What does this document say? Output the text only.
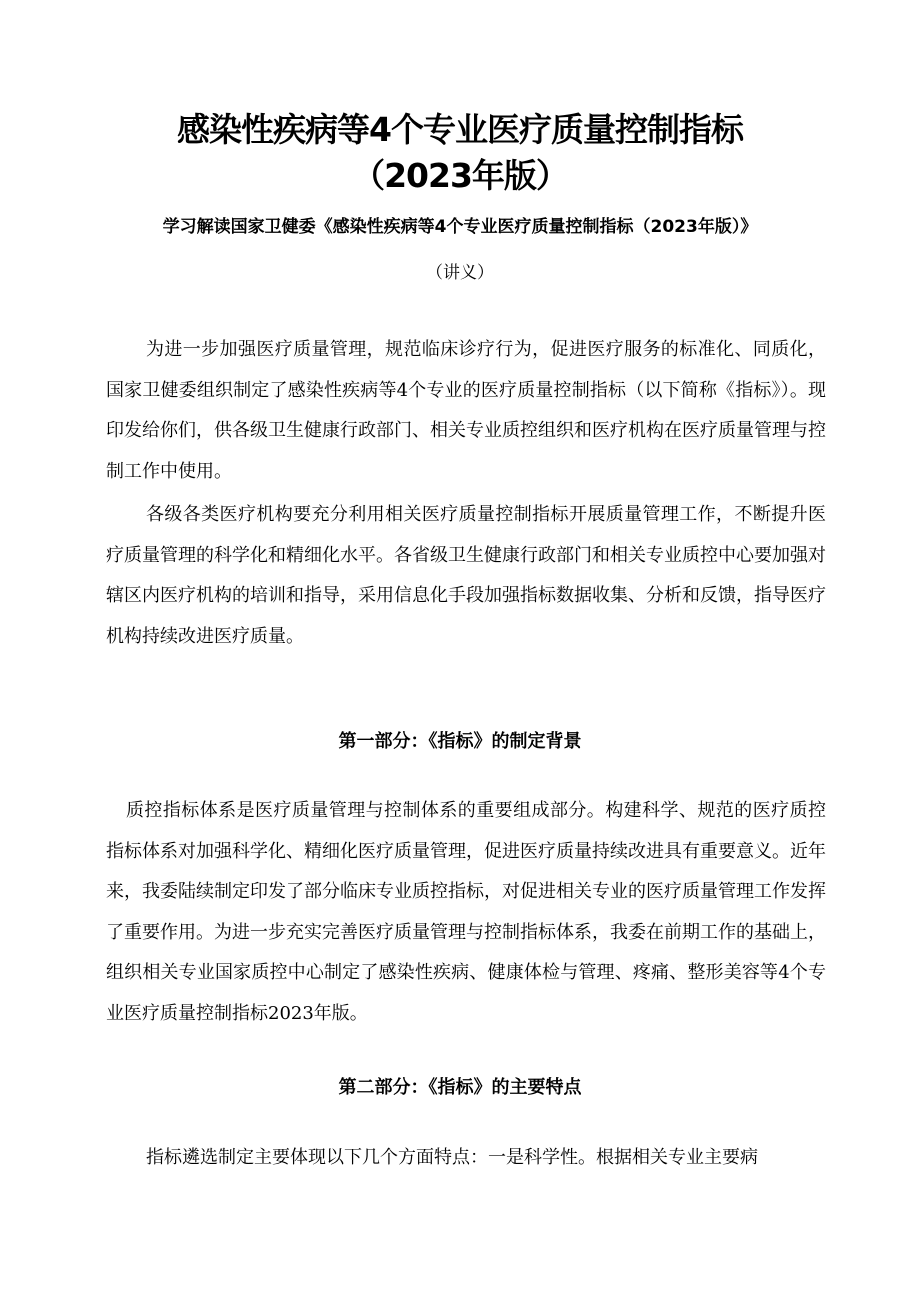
感染性疾病等4个专业医疗质量控制指标
（2023年版）

学习解读国家卫健委《感染性疾病等4个专业医疗质量控制指标（2023年版）》

（讲义）

为进一步加强医疗质量管理，规范临床诊疗行为，促进医疗服务的标准化、同质化，国家卫健委组织制定了感染性疾病等4个专业的医疗质量控制指标（以下简称《指标》）。现印发给你们，供各级卫生健康行政部门、相关专业质控组织和医疗机构在医疗质量管理与控制工作中使用。

各级各类医疗机构要充分利用相关医疗质量控制指标开展质量管理工作，不断提升医疗质量管理的科学化和精细化水平。各省级卫生健康行政部门和相关专业质控中心要加强对辖区内医疗机构的培训和指导，采用信息化手段加强指标数据收集、分析和反馈，指导医疗机构持续改进医疗质量。

第一部分：《指标》的制定背景

质控指标体系是医疗质量管理与控制体系的重要组成部分。构建科学、规范的医疗质控指标体系对加强科学化、精细化医疗质量管理，促进医疗质量持续改进具有重要意义。近年来，我委陆续制定印发了部分临床专业质控指标，对促进相关专业的医疗质量管理工作发挥了重要作用。为进一步充实完善医疗质量管理与控制指标体系，我委在前期工作的基础上，组织相关专业国家质控中心制定了感染性疾病、健康体检与管理、疼痛、整形美容等4个专业医疗质量控制指标2023年版。

第二部分：《指标》的主要特点

指标遴选制定主要体现以下几个方面特点：一是科学性。根据相关专业主要病
